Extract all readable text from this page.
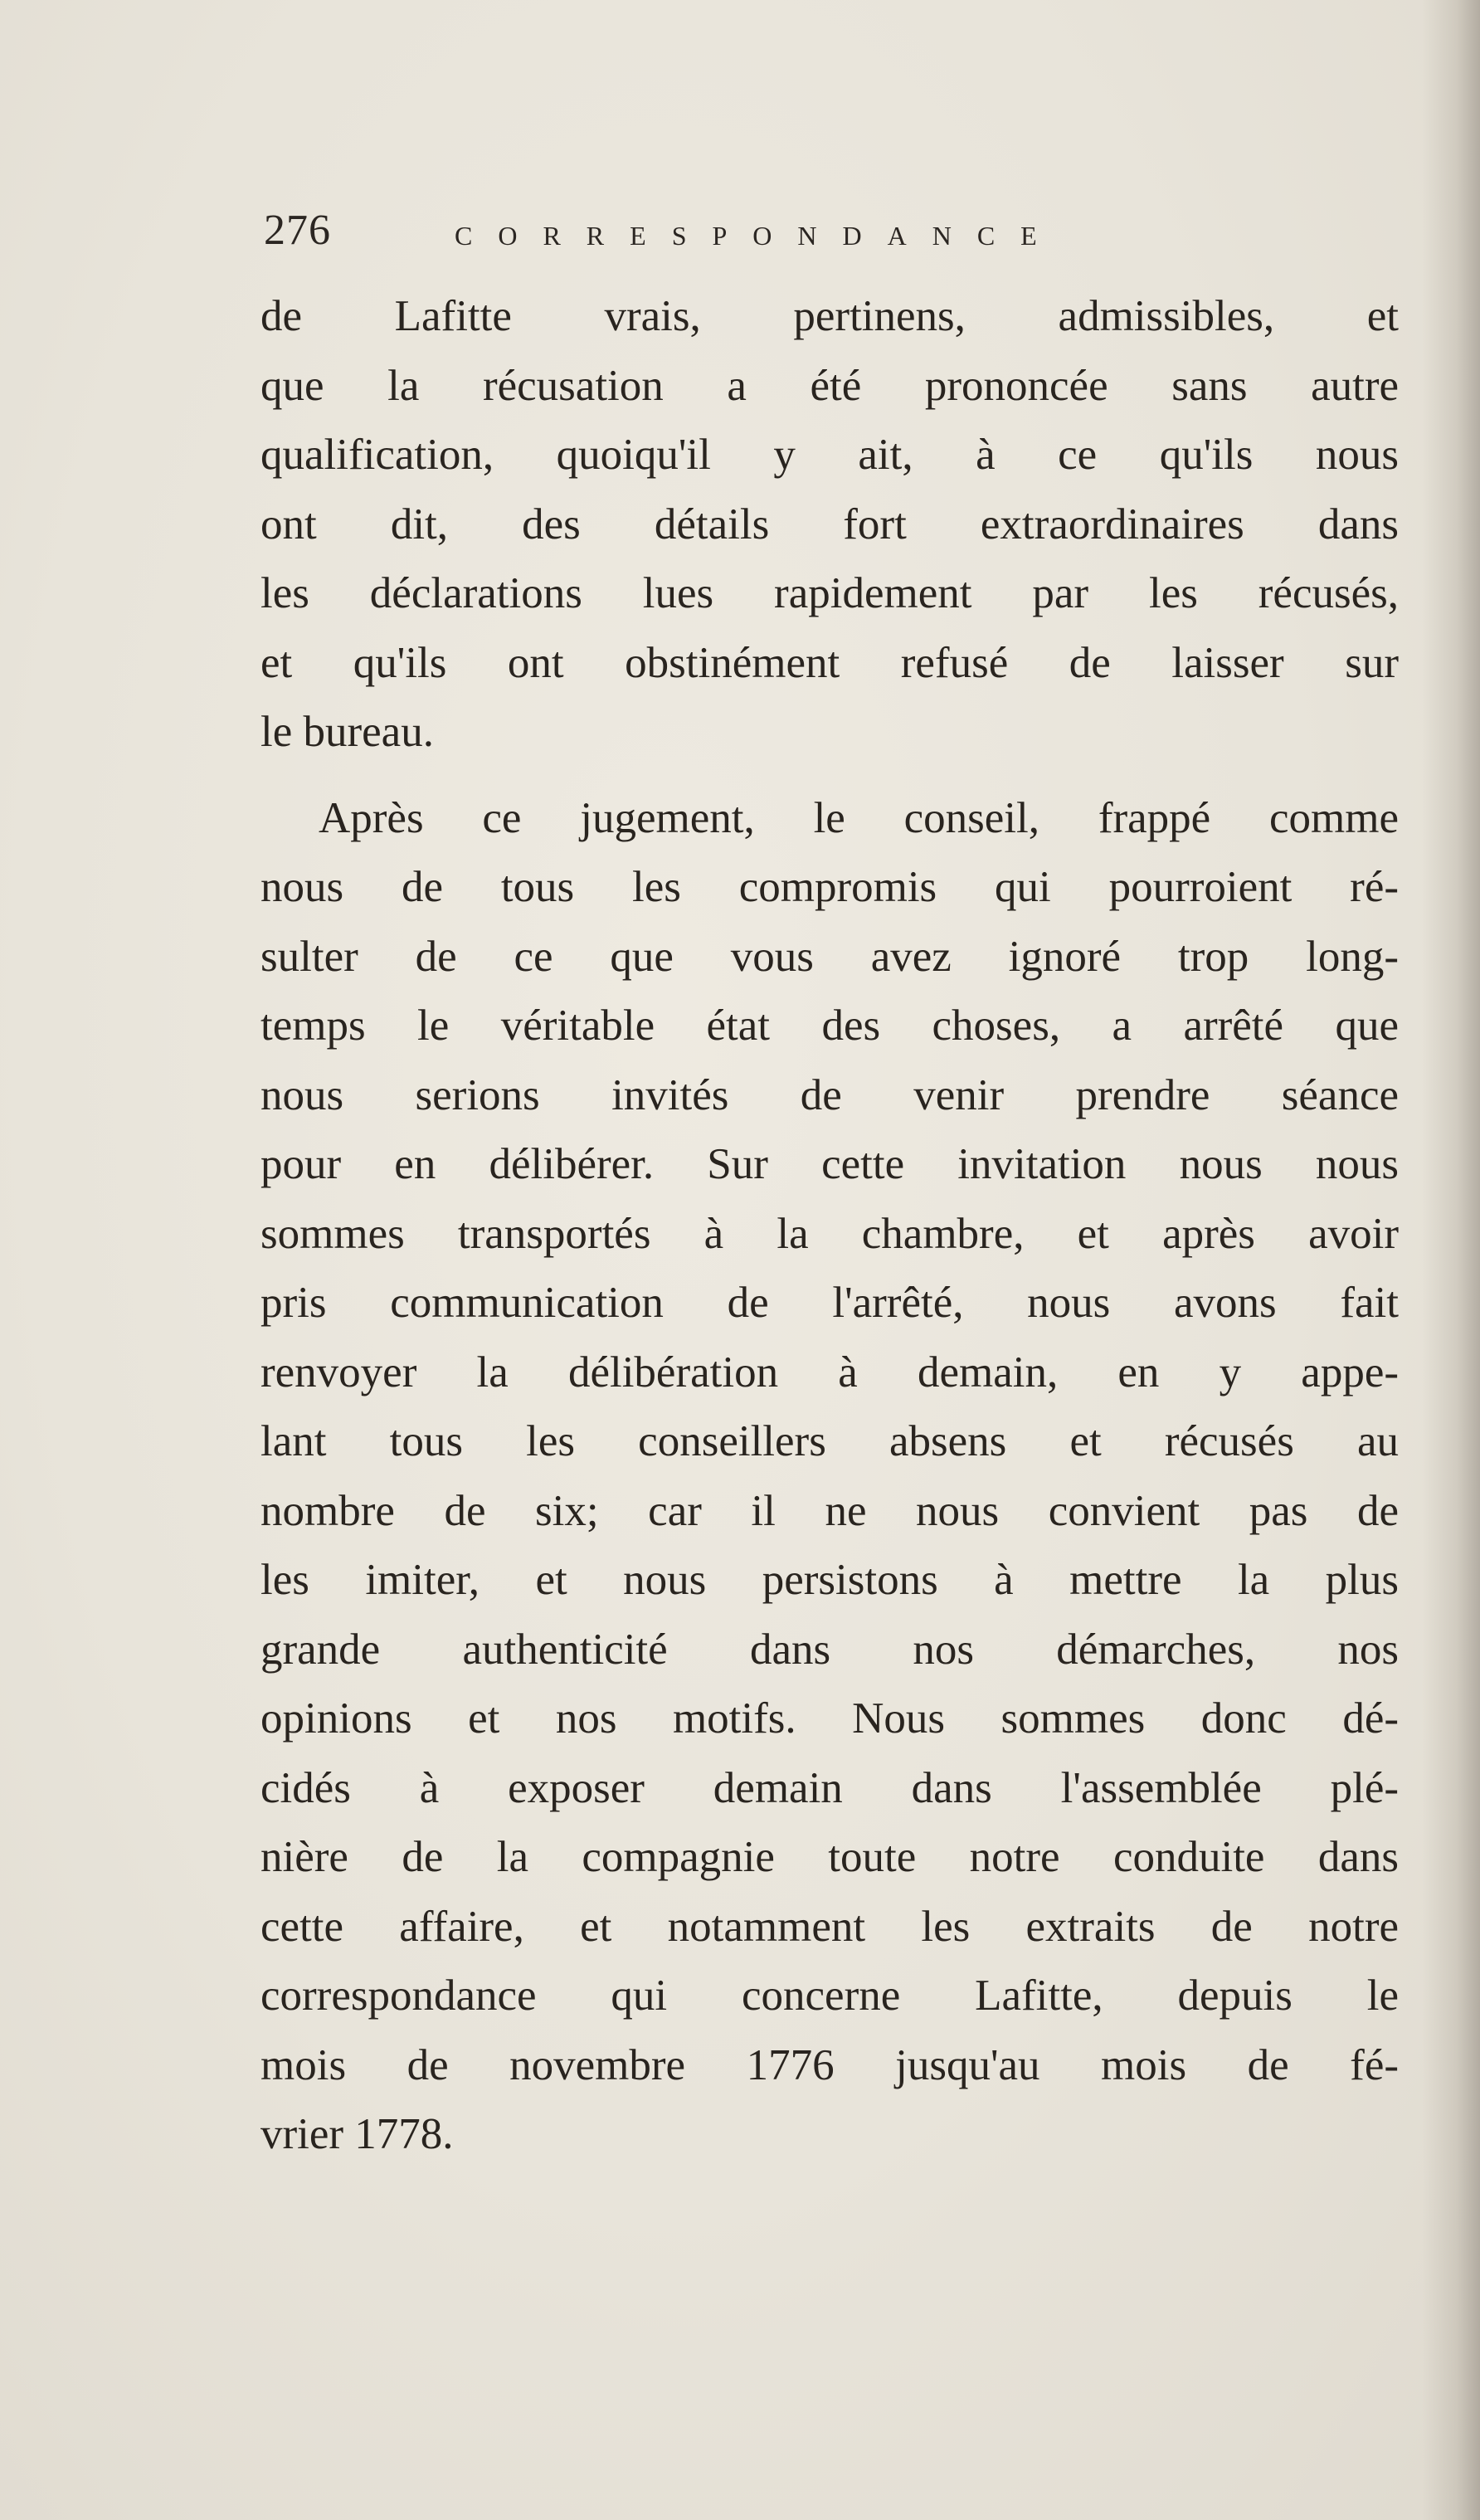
276	CORRESPONDANCE
de Lafitte vrais, pertinens, admissibles, et
que la récusation a été prononcée sans autre
qualification, quoiqu'il y ait, à ce qu'ils nous
ont dit, des détails fort extraordinaires dans
les déclarations lues rapidement par les récusés,
et qu'ils ont obstinément refusé de laisser sur
le bureau.
Après ce jugement, le conseil, frappé comme
nous de tous les compromis qui pourroient ré-
sulter de ce que vous avez ignoré trop long-
temps le véritable état des choses, a arrêté que
nous serions invités de venir prendre séance
pour en délibérer. Sur cette invitation nous nous
sommes transportés à la chambre, et après avoir
pris communication de l'arrêté, nous avons fait
renvoyer la délibération à demain, en y appe-
lant tous les conseillers absens et récusés au
nombre de six; car il ne nous convient pas de
les imiter, et nous persistons à mettre la plus
grande authenticité dans nos démarches, nos
opinions et nos motifs. Nous sommes donc dé-
cidés à exposer demain dans l'assemblée plé-
nière de la compagnie toute notre conduite dans
cette affaire, et notamment les extraits de notre
correspondance qui concerne Lafitte, depuis le
mois de novembre 1776 jusqu'au mois de fé-
vrier 1778.
